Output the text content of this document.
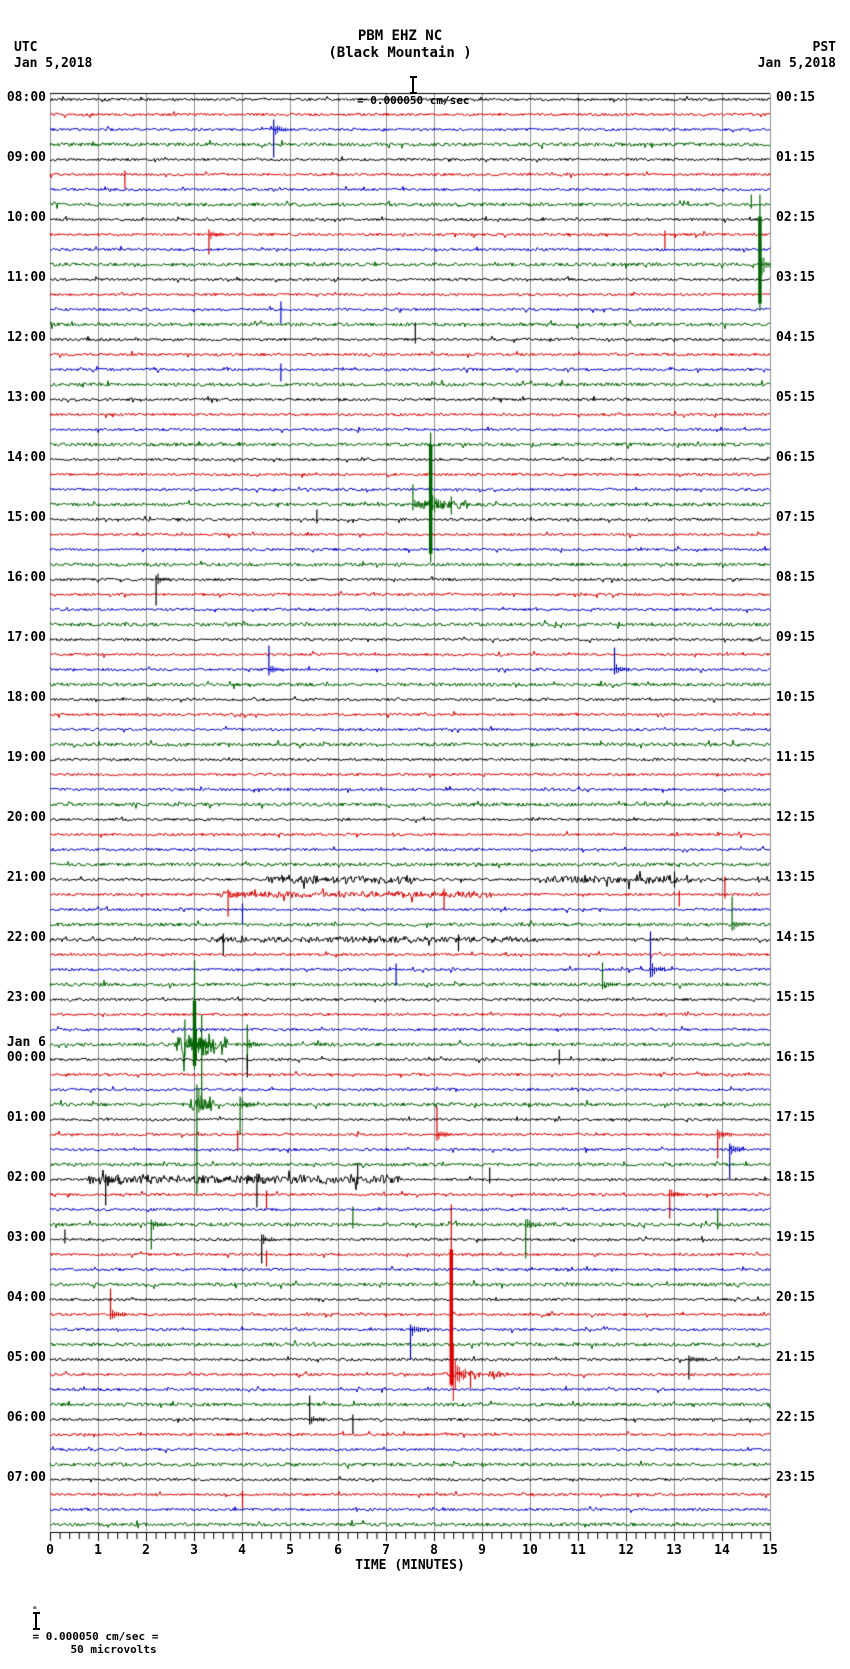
UTC
Jan 5,2018
PBM EHZ NC
(Black Mountain )

= 0.000050 cm/sec

PST
Jan 5,2018
08:00
09:00
10:00
11:00
12:00
13:00
14:00
15:00
16:00
17:00
18:00
19:00
20:00
21:00
22:00
23:00
00:00
Jan 6
01:00
02:00
03:00
04:00
05:00
06:00
07:00
00:15
01:15
02:15
03:15
04:15
05:15
06:15
07:15
08:15
09:15
10:15
11:15
12:15
13:15
14:15
15:15
16:15
17:15
18:15
19:15
20:15
21:15
22:15
23:15
0	1	2	3	4	5	6	7	8	9	10	11	12	13	14	15
TIME (MINUTES)

ₘ

= 0.000050 cm/sec =
50 microvolts
